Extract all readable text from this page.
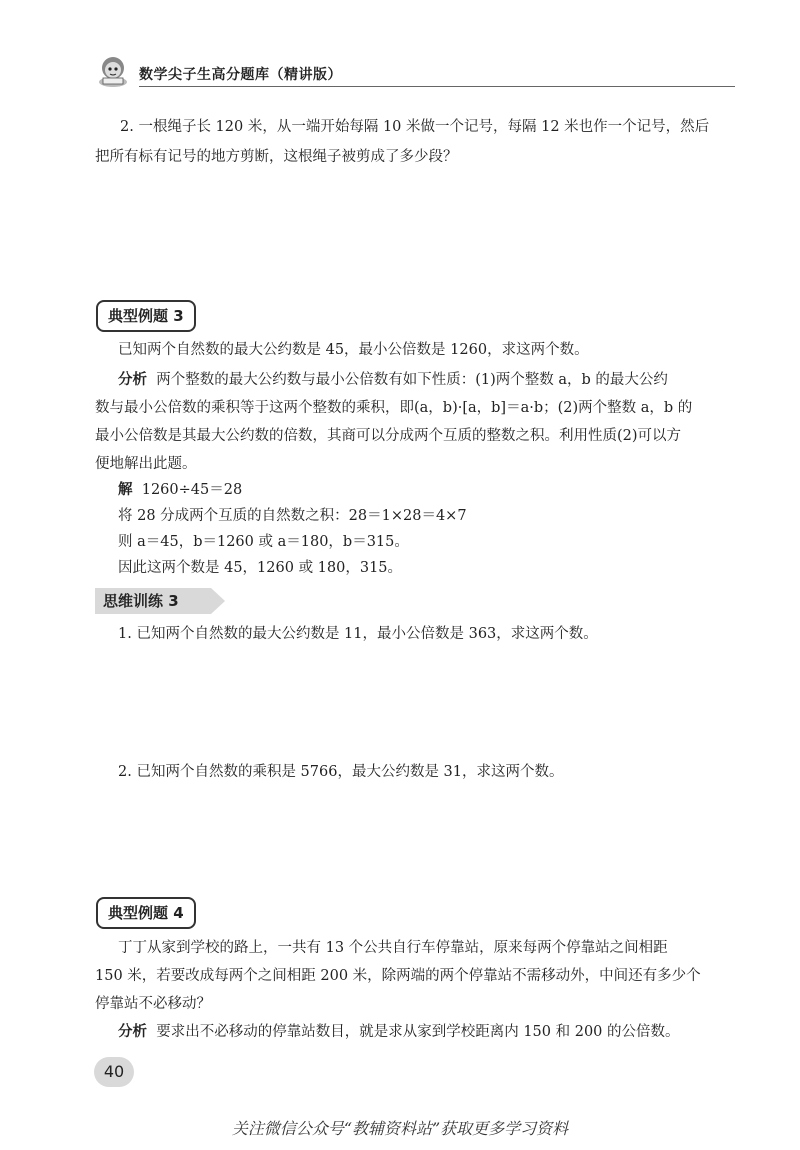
数学尖子生高分题库（精讲版）
2. 一根绳子长 120 米，从一端开始每隔 10 米做一个记号，每隔 12 米也作一个记号，然后
把所有标有记号的地方剪断，这根绳子被剪成了多少段？
典型例题 3
已知两个自然数的最大公约数是 45，最小公倍数是 1260，求这两个数。
分析 两个整数的最大公约数与最小公倍数有如下性质：(1)两个整数 a，b 的最大公约
数与最小公倍数的乘积等于这两个整数的乘积，即(a，b)·[a，b]＝a·b；(2)两个整数 a，b 的
最小公倍数是其最大公约数的倍数，其商可以分成两个互质的整数之积。利用性质(2)可以方
便地解出此题。
解 1260÷45＝28
将 28 分成两个互质的自然数之积：28＝1×28＝4×7
则 a＝45，b＝1260 或 a＝180，b＝315。
因此这两个数是 45，1260 或 180，315。
思维训练 3
1. 已知两个自然数的最大公约数是 11，最小公倍数是 363，求这两个数。
2. 已知两个自然数的乘积是 5766，最大公约数是 31，求这两个数。
典型例题 4
丁丁从家到学校的路上，一共有 13 个公共自行车停靠站，原来每两个停靠站之间相距
150 米，若要改成每两个之间相距 200 米，除两端的两个停靠站不需移动外，中间还有多少个
停靠站不必移动？
分析 要求出不必移动的停靠站数目，就是求从家到学校距离内 150 和 200 的公倍数。
40
关注微信公众号“教辅资料站”获取更多学习资料
